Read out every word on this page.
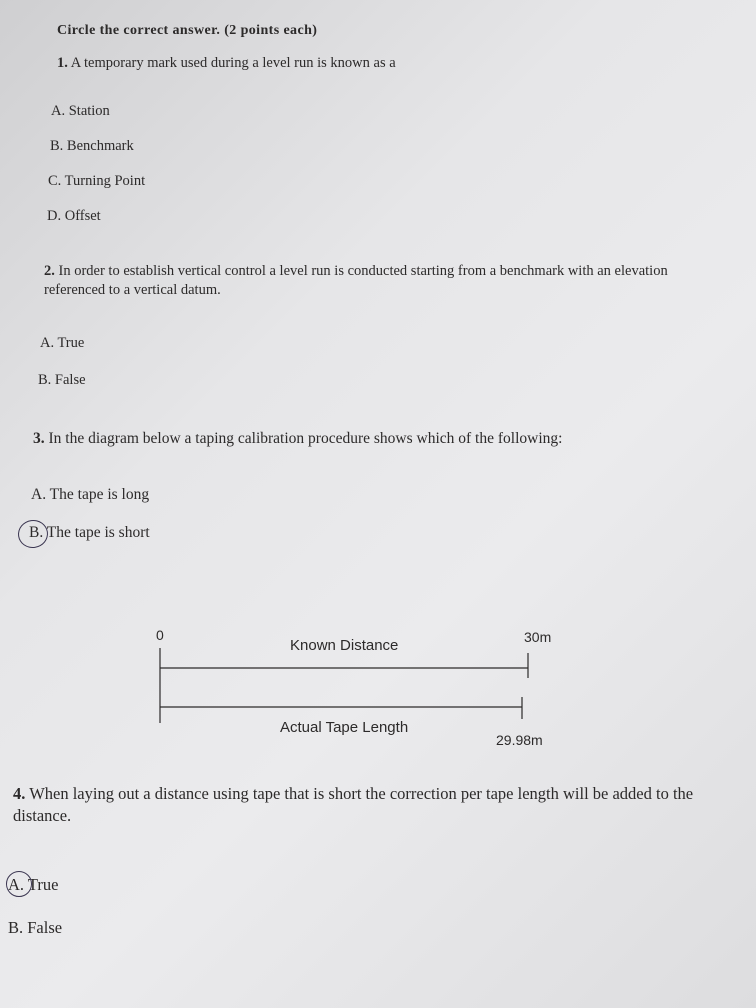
Circle the correct answer. (2 points each)
1. A temporary mark used during a level run is known as a
A. Station
B. Benchmark
C. Turning Point
D. Offset
2. In order to establish vertical control a level run is conducted starting from a benchmark with an elevation referenced to a vertical datum.
A. True
B. False
3. In the diagram below a taping calibration procedure shows which of the following:
A. The tape is long
B. The tape is short
0	30m
Known Distance
Actual Tape Length
29.98m
4. When laying out a distance using tape that is short the correction per tape length will be added to the distance.
A. True
B. False
